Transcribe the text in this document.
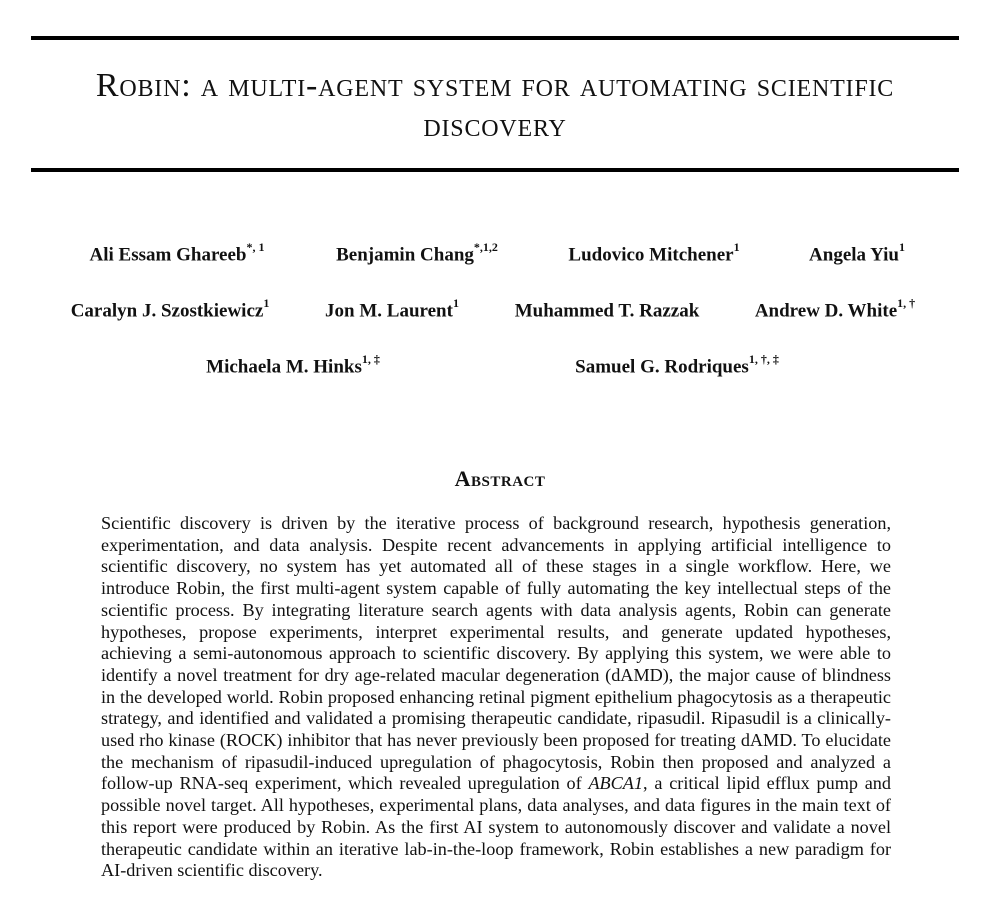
Robin: a multi-agent system for automating scientific discovery
Ali Essam Ghareeb$^{*, 1}$	Benjamin Chang$^{*,1,2}$	Ludovico Mitchener$^1$	Angela Yiu$^1$
Caralyn J. Szostkiewicz$^1$	Jon M. Laurent$^1$	Muhammed T. Razzak	Andrew D. White$^{1, \dagger}$
Michaela M. Hinks$^{1, \ddagger}$	Samuel G. Rodriques$^{1, \dagger, \ddagger}$
Abstract

Scientific discovery is driven by the iterative process of background research, hypothesis generation, experimentation, and data analysis. Despite recent advancements in applying artificial intelligence to scientific discovery, no system has yet automated all of these stages in a single workflow. Here, we introduce Robin, the first multi-agent system capable of fully automating the key intellectual steps of the scientific process. By integrating literature search agents with data analysis agents, Robin can generate hypotheses, propose experiments, interpret experimental results, and generate updated hypotheses, achieving a semi-autonomous approach to scientific discovery. By applying this system, we were able to identify a novel treatment for dry age-related macular degeneration (dAMD), the major cause of blindness in the developed world. Robin proposed enhancing retinal pigment epithelium phagocytosis as a therapeutic strategy, and identified and validated a promising therapeutic candidate, ripasudil. Ripasudil is a clinically-used rho kinase (ROCK) inhibitor that has never previously been proposed for treating dAMD. To elucidate the mechanism of ripasudil-induced upregulation of phagocytosis, Robin then proposed and analyzed a follow-up RNA-seq experiment, which revealed upregulation of ABCA1, a critical lipid efflux pump and possible novel target. All hypotheses, experimental plans, data analyses, and data figures in the main text of this report were produced by Robin. As the first AI system to autonomously discover and validate a novel therapeutic candidate within an iterative lab-in-the-loop framework, Robin establishes a new paradigm for AI-driven scientific discovery.
